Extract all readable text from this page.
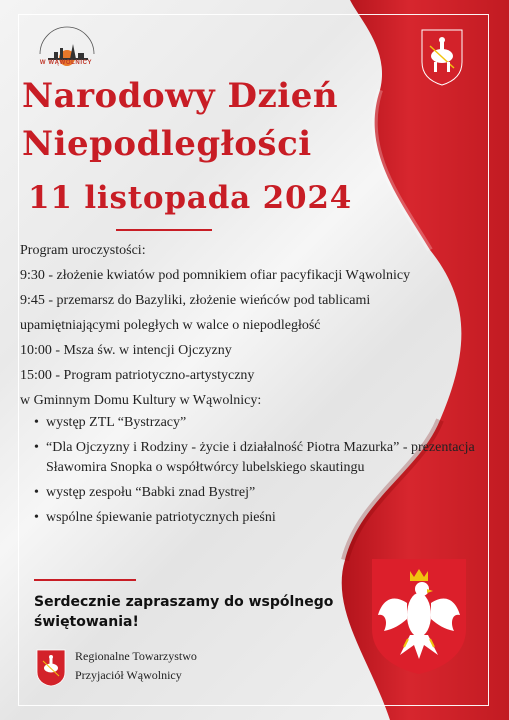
W WĄWOLNICY
Narodowy Dzień
Niepodległości
11 listopada 2024
Program uroczystości:
9:30 - złożenie kwiatów pod pomnikiem ofiar pacyfikacji Wąwolnicy
9:45 - przemarsz do Bazyliki, złożenie wieńców pod tablicami
upamiętniającymi poległych w walce o niepodległość
10:00 - Msza św. w intencji Ojczyzny
15:00 - Program patriotyczno-artystyczny
w Gminnym Domu Kultury w Wąwolnicy:
• występ ZTL “Bystrzacy”
• “Dla Ojczyzny i Rodziny - życie i działalność Piotra Mazurka” - prezentacja Sławomira Snopka o współtwórcy lubelskiego skautingu
• występ zespołu “Babki znad Bystrej”
• wspólne śpiewanie patriotycznych pieśni
Serdecznie zapraszamy do wspólnego świętowania!
Regionalne Towarzystwo
Przyjaciół Wąwolnicy
